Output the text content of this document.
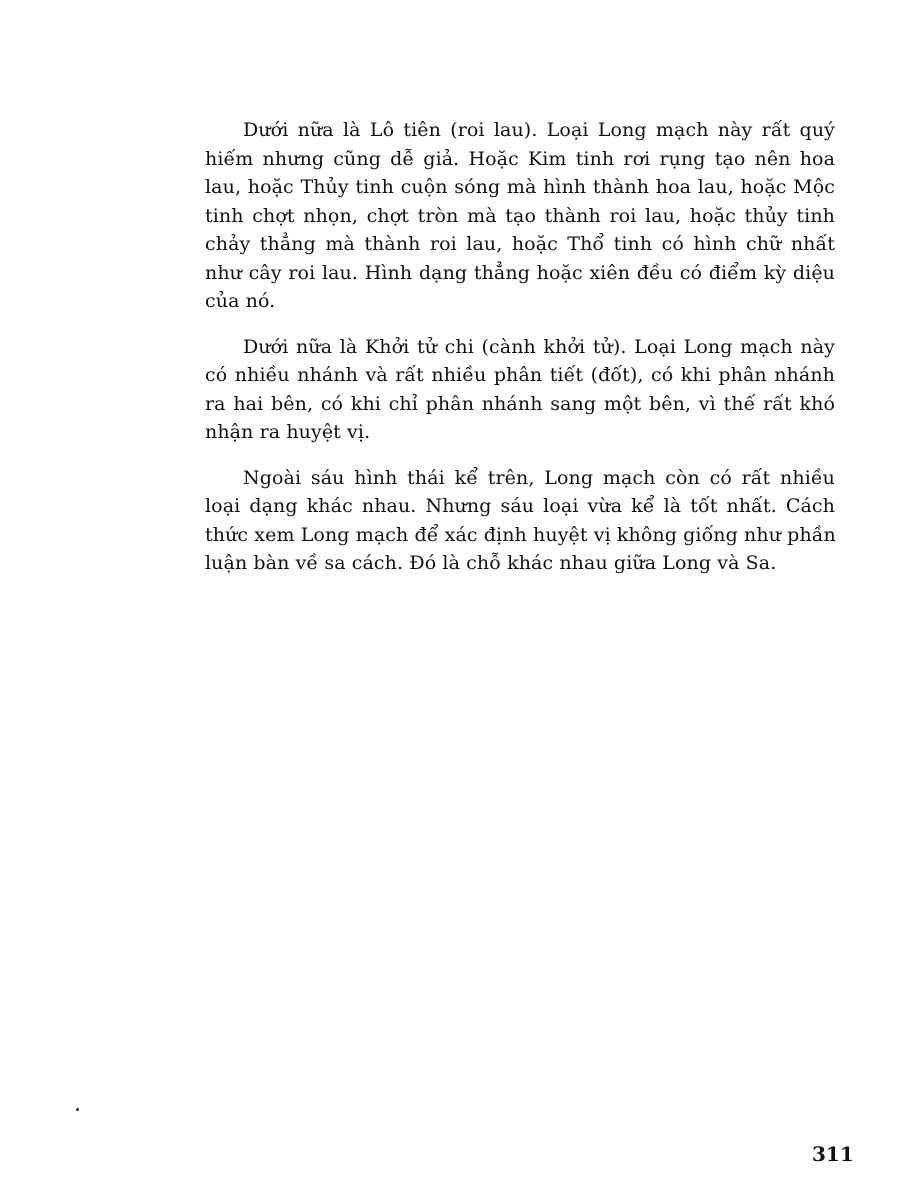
Dưới nữa là Lô tiên (roi lau). Loại Long mạch này rất quý
hiếm nhưng cũng dễ giả. Hoặc Kim tinh rơi rụng tạo nên hoa
lau, hoặc Thủy tinh cuộn sóng mà hình thành hoa lau, hoặc Mộc
tinh chợt nhọn, chợt tròn mà tạo thành roi lau, hoặc thủy tinh
chảy thẳng mà thành roi lau, hoặc Thổ tinh có hình chữ nhất
như cây roi lau. Hình dạng thẳng hoặc xiên đều có điểm kỳ diệu
của nó.

Dưới nữa là Khởi tử chi (cành khởi tử). Loại Long mạch này
có nhiều nhánh và rất nhiều phân tiết (đốt), có khi phân nhánh
ra hai bên, có khi chỉ phân nhánh sang một bên, vì thế rất khó
nhận ra huyệt vị.

Ngoài sáu hình thái kể trên, Long mạch còn có rất nhiều
loại dạng khác nhau. Nhưng sáu loại vừa kể là tốt nhất. Cách
thức xem Long mạch để xác định huyệt vị không giống như phần
luận bàn về sa cách. Đó là chỗ khác nhau giữa Long và Sa.

311
